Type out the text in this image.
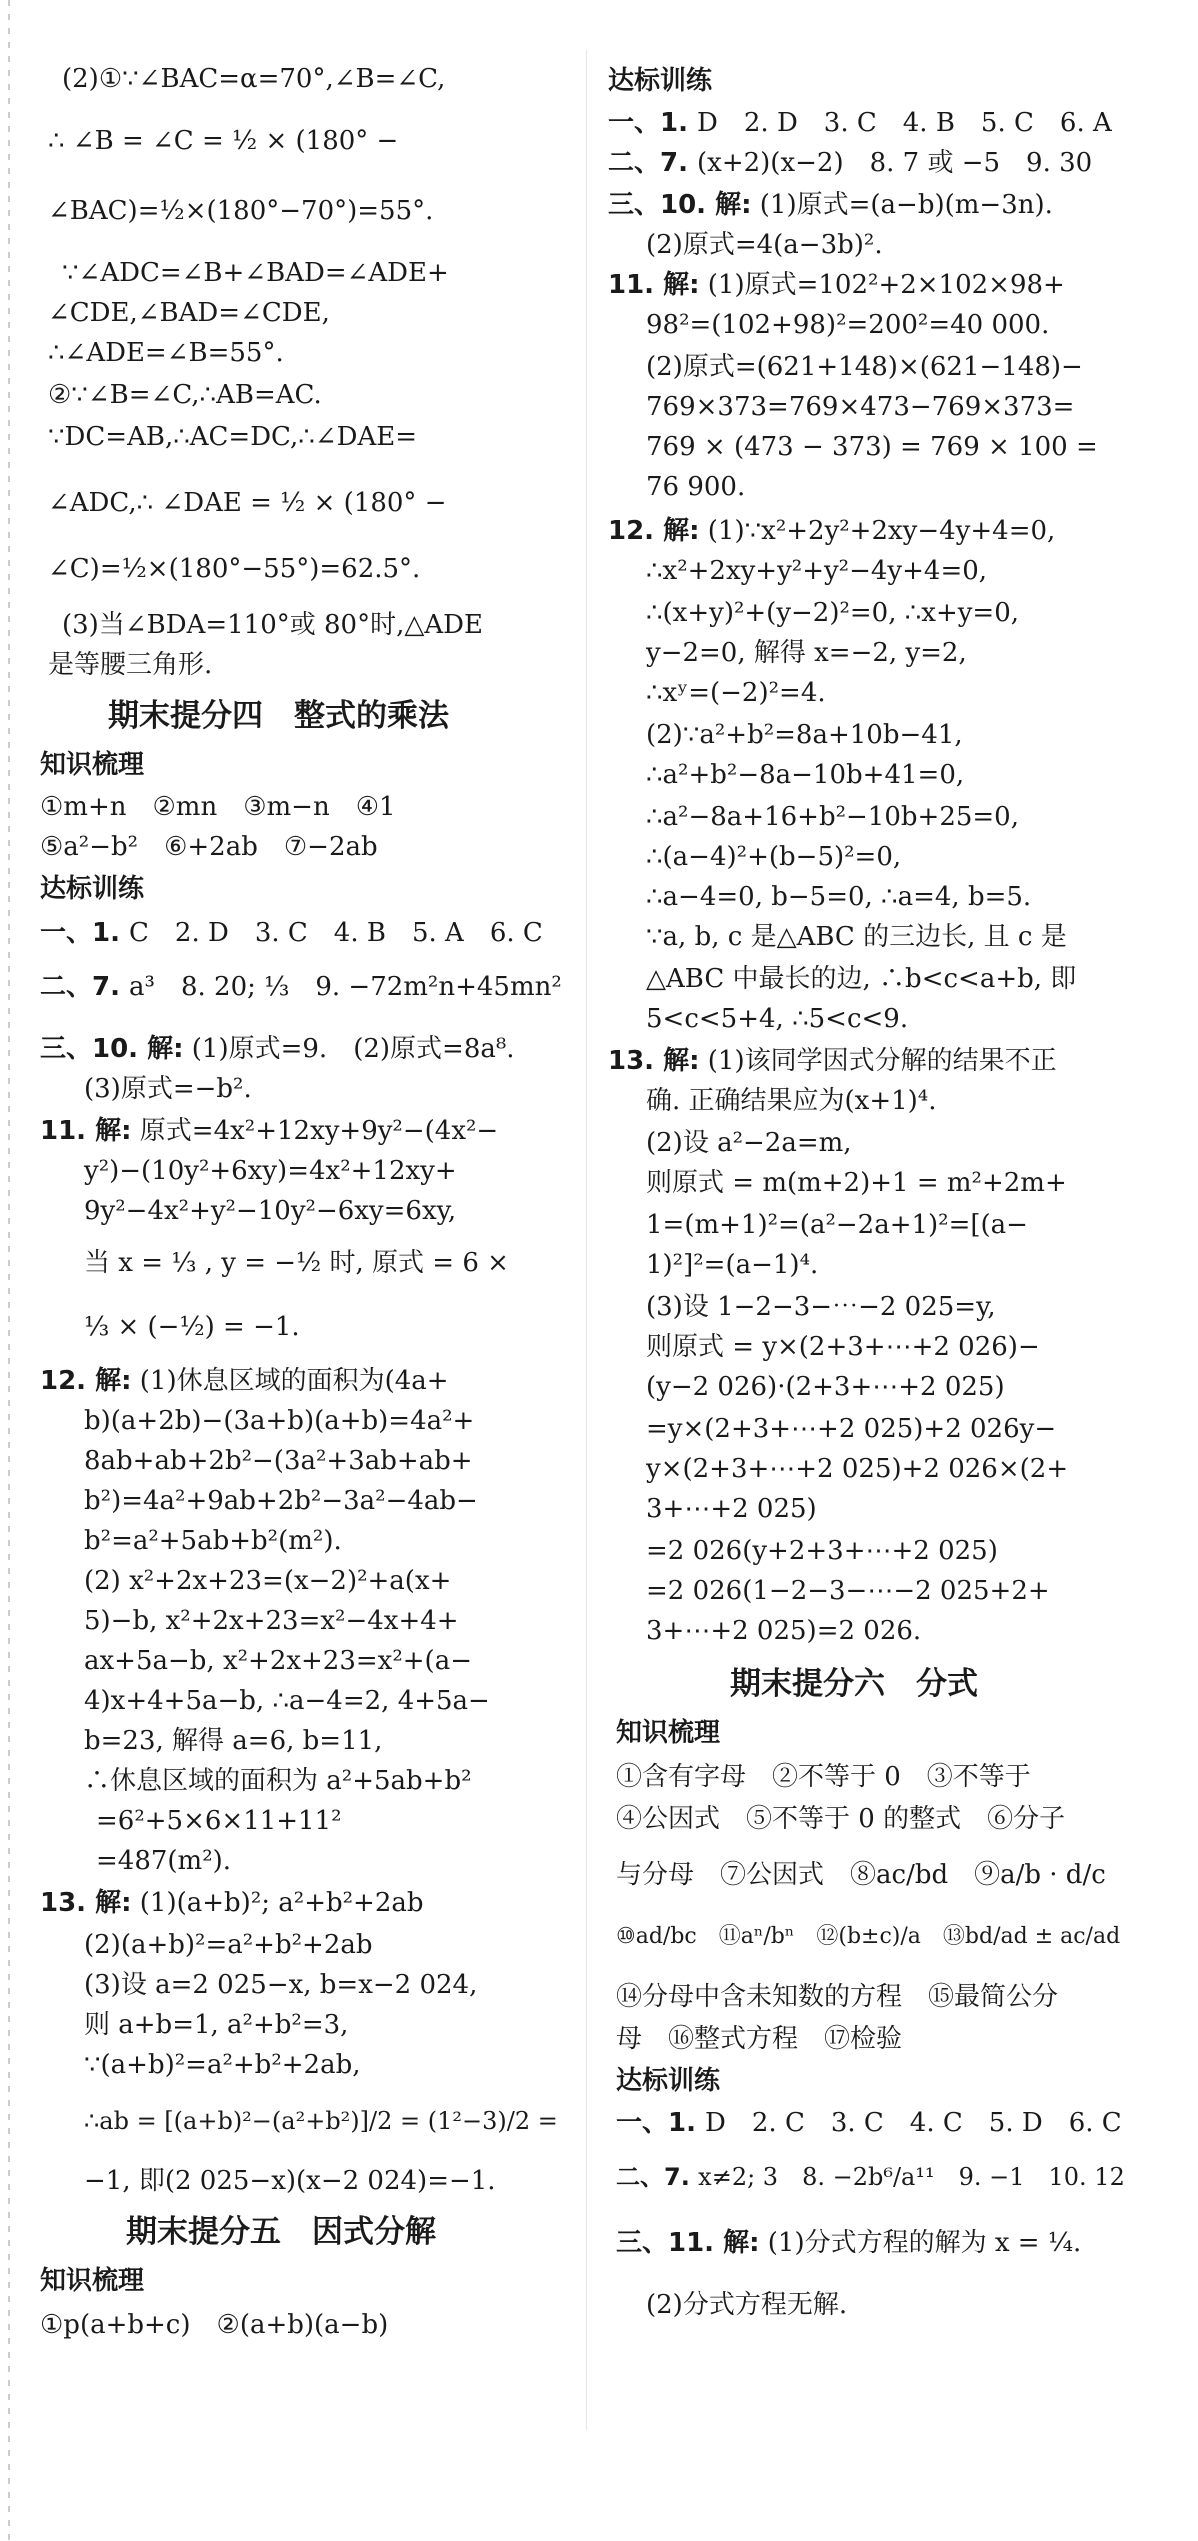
(2)①∵∠BAC=α=70°,∠B=∠C,
∴ ∠B = ∠C = ½ × (180° −
∠BAC)=½×(180°−70°)=55°.
∵∠ADC=∠B+∠BAD=∠ADE+
∠CDE,∠BAD=∠CDE,
∴∠ADE=∠B=55°.
②∵∠B=∠C,∴AB=AC.
∵DC=AB,∴AC=DC,∴∠DAE=
∠ADC,∴ ∠DAE = ½ × (180° −
∠C)=½×(180°−55°)=62.5°.
(3)当∠BDA=110°或 80°时,△ADE
是等腰三角形.
期末提分四　整式的乘法
知识梳理
①m+n　②mn　③m−n　④1
⑤a²−b²　⑥+2ab　⑦−2ab
达标训练
一、1. C　2. D　3. C　4. B　5. A　6. C
二、7. a³　8. 20; ⅓　9. −72m²n+45mn²
三、10. 解: (1)原式=9.　(2)原式=8a⁸.
(3)原式=−b².
11. 解: 原式=4x²+12xy+9y²−(4x²−
y²)−(10y²+6xy)=4x²+12xy+
9y²−4x²+y²−10y²−6xy=6xy,
当 x = ⅓ , y = −½ 时, 原式 = 6 ×
⅓ × (−½) = −1.
12. 解: (1)休息区域的面积为(4a+
b)(a+2b)−(3a+b)(a+b)=4a²+
8ab+ab+2b²−(3a²+3ab+ab+
b²)=4a²+9ab+2b²−3a²−4ab−
b²=a²+5ab+b²(m²).
(2) x²+2x+23=(x−2)²+a(x+
5)−b, x²+2x+23=x²−4x+4+
ax+5a−b, x²+2x+23=x²+(a−
4)x+4+5a−b, ∴a−4=2, 4+5a−
b=23, 解得 a=6, b=11,
∴休息区域的面积为 a²+5ab+b²
=6²+5×6×11+11²
=487(m²).
13. 解: (1)(a+b)²; a²+b²+2ab
(2)(a+b)²=a²+b²+2ab
(3)设 a=2 025−x, b=x−2 024,
则 a+b=1, a²+b²=3,
∵(a+b)²=a²+b²+2ab,
∴ab = [(a+b)²−(a²+b²)]/2 = (1²−3)/2 =
−1, 即(2 025−x)(x−2 024)=−1.
期末提分五　因式分解
知识梳理
①p(a+b+c)　②(a+b)(a−b)
达标训练
一、1. D　2. D　3. C　4. B　5. C　6. A
二、7. (x+2)(x−2)　8. 7 或 −5　9. 30
三、10. 解: (1)原式=(a−b)(m−3n).
(2)原式=4(a−3b)².
11. 解: (1)原式=102²+2×102×98+
98²=(102+98)²=200²=40 000.
(2)原式=(621+148)×(621−148)−
769×373=769×473−769×373=
769 × (473 − 373) = 769 × 100 =
76 900.
12. 解: (1)∵x²+2y²+2xy−4y+4=0,
∴x²+2xy+y²+y²−4y+4=0,
∴(x+y)²+(y−2)²=0, ∴x+y=0,
y−2=0, 解得 x=−2, y=2,
∴xʸ=(−2)²=4.
(2)∵a²+b²=8a+10b−41,
∴a²+b²−8a−10b+41=0,
∴a²−8a+16+b²−10b+25=0,
∴(a−4)²+(b−5)²=0,
∴a−4=0, b−5=0, ∴a=4, b=5.
∵a, b, c 是△ABC 的三边长, 且 c 是
△ABC 中最长的边, ∴b<c<a+b, 即
5<c<5+4, ∴5<c<9.
13. 解: (1)该同学因式分解的结果不正
确. 正确结果应为(x+1)⁴.
(2)设 a²−2a=m,
则原式 = m(m+2)+1 = m²+2m+
1=(m+1)²=(a²−2a+1)²=[(a−
1)²]²=(a−1)⁴.
(3)设 1−2−3−⋯−2 025=y,
则原式 = y×(2+3+⋯+2 026)−
(y−2 026)·(2+3+⋯+2 025)
=y×(2+3+⋯+2 025)+2 026y−
y×(2+3+⋯+2 025)+2 026×(2+
3+⋯+2 025)
=2 026(y+2+3+⋯+2 025)
=2 026(1−2−3−⋯−2 025+2+
3+⋯+2 025)=2 026.
期末提分六　分式
知识梳理
①含有字母　②不等于 0　③不等于
④公因式　⑤不等于 0 的整式　⑥分子
与分母　⑦公因式　⑧ac/bd　⑨a/b · d/c
⑩ad/bc　⑪aⁿ/bⁿ　⑫(b±c)/a　⑬bd/ad ± ac/ad
⑭分母中含未知数的方程　⑮最简公分
母　⑯整式方程　⑰检验
达标训练
一、1. D　2. C　3. C　4. C　5. D　6. C
二、7. x≠2; 3　8. −2b⁶/a¹¹　9. −1　10. 12
三、11. 解: (1)分式方程的解为 x = ¼.
(2)分式方程无解.
